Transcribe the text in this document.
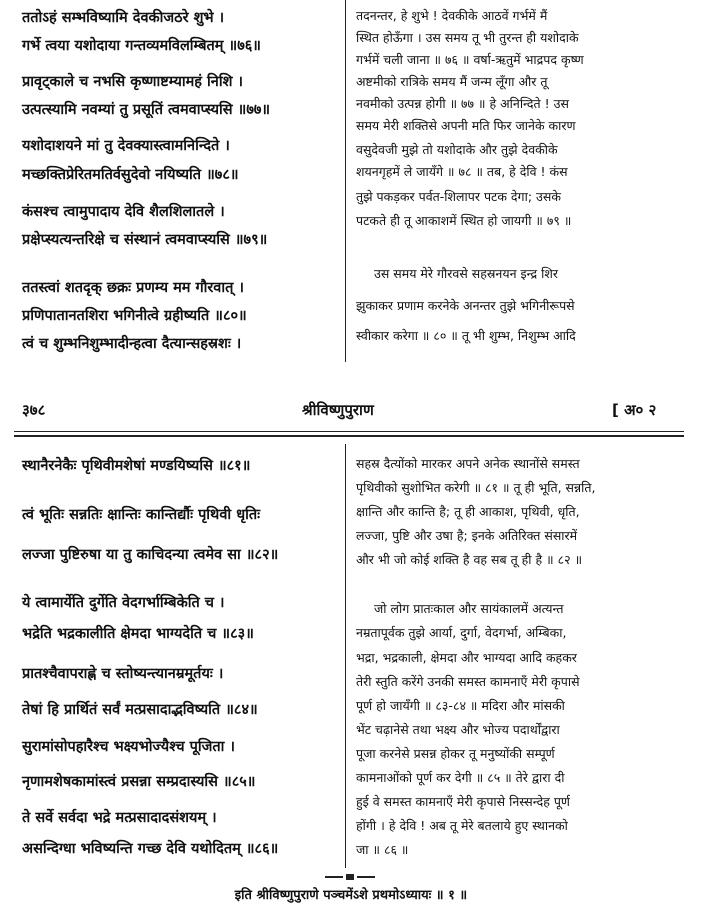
ततोऽहं सम्भविष्यामि देवकीजठरे शुभे ।
गर्भे त्वया यशोदाया गन्तव्यमविलम्बितम् ॥७६॥
प्रावृट्‌काले च नभसि कृष्णाष्टम्यामहं निशि ।
उत्पत्स्यामि नवम्यां तु प्रसूतिं त्वमवाप्स्यसि ॥७७॥
यशोदाशयने मां तु देवक्यास्त्वामनिन्दिते ।
मच्छक्तिप्रेरितमतिर्वसुदेवो नयिष्यति ॥७८॥
कंसश्च त्वामुपादाय देवि शैलशिलातले ।
प्रक्षेप्स्यत्यन्तरिक्षे च संस्थानं त्वमवाप्स्यसि ॥७९॥
ततस्त्वां शतदृक् छक्रः प्रणम्य मम गौरवात् ।
प्रणिपातानतशिरा भगिनीत्वे ग्रहीष्यति ॥८०॥
त्वं च शुम्भनिशुम्भादीन्हत्वा दैत्यान्सहस्रशः ।
तदनन्तर, हे शुभे ! देवकीके आठवें गर्भमें मैं
स्थित होऊँगा । उस समय तू भी तुरन्त ही यशोदाके
गर्भमें चली जाना ॥ ७६ ॥ वर्षा-ऋतुमें भाद्रपद कृष्ण
अष्टमीको रात्रिके समय मैं जन्म लूँगा और तू
नवमीको उत्पन्न होगी ॥ ७७ ॥ हे अनिन्दिते ! उस
समय मेरी शक्तिसे अपनी मति फिर जानेके कारण
वसुदेवजी मुझे तो यशोदाके और तुझे देवकीके
शयनगृहमें ले जायँगे ॥ ७८ ॥ तब, हे देवि ! कंस
तुझे पकड़कर पर्वत-शिलापर पटक देगा; उसके
पटकते ही तू आकाशमें स्थित हो जायगी ॥ ७९ ॥
उस समय मेरे गौरवसे सहस्रनयन इन्द्र शिर
झुकाकर प्रणाम करनेके अनन्तर तुझे भगिनीरूपसे
स्वीकार करेगा ॥ ८० ॥ तू भी शुम्भ, निशुम्भ आदि
३७८	श्रीविष्णुपुराण	[ अ० २
स्थानैरनेकैः पृथिवीमशेषां मण्डयिष्यसि ॥८१॥
त्वं भूतिः सन्नतिः क्षान्तिः कान्तिर्द्यौः पृथिवी धृतिः
लज्जा पुष्टिरुषा या तु काचिदन्या त्वमेव सा ॥८२॥
ये त्वामार्येति दुर्गेति वेदगर्भाम्बिकेति च ।
भद्रेति भद्रकालीति क्षेमदा भाग्यदेति च ॥८३॥
प्रातश्चैवापराह्णे च स्तोष्यन्त्यानम्रमूर्तयः ।
तेषां हि प्रार्थितं सर्वं मत्प्रसादाद्भविष्यति ॥८४॥
सुरामांसोपहारैश्च भक्ष्यभोज्यैश्च पूजिता ।
नृणामशेषकामांस्त्वं प्रसन्ना सम्प्रदास्यसि ॥८५॥
ते सर्वे सर्वदा भद्रे मत्प्रसादादसंशयम् ।
असन्दिग्धा भविष्यन्ति गच्छ देवि यथोदितम् ॥८६॥
सहस्र दैत्योंको मारकर अपने अनेक स्थानोंसे समस्त
पृथिवीको सुशोभित करेगी ॥ ८१ ॥ तू ही भूति, सन्नति,
क्षान्ति और कान्ति है; तू ही आकाश, पृथिवी, धृति,
लज्जा, पुष्टि और उषा है; इनके अतिरिक्त संसारमें
और भी जो कोई शक्ति है वह सब तू ही है ॥ ८२ ॥
जो लोग प्रातःकाल और सायंकालमें अत्यन्त
नम्रतापूर्वक तुझे आर्या, दुर्गा, वेदगर्भा, अम्बिका,
भद्रा, भद्रकाली, क्षेमदा और भाग्यदा आदि कहकर
तेरी स्तुति करेंगे उनकी समस्त कामनाएँ मेरी कृपासे
पूर्ण हो जायँगी ॥ ८३-८४ ॥ मदिरा और मांसकी
भेंट चढ़ानेसे तथा भक्ष्य और भोज्य पदार्थोंद्वारा
पूजा करनेसे प्रसन्न होकर तू मनुष्योंकी सम्पूर्ण
कामनाओंको पूर्ण कर देगी ॥ ८५ ॥ तेरे द्वारा दी
हुई वे समस्त कामनाएँ मेरी कृपासे निस्सन्देह पूर्ण
होंगी । हे देवि ! अब तू मेरे बतलाये हुए स्थानको
जा ॥ ८६ ॥
इति श्रीविष्णुपुराणे पञ्चमेंऽशे प्रथमोऽध्यायः ॥ १ ॥
